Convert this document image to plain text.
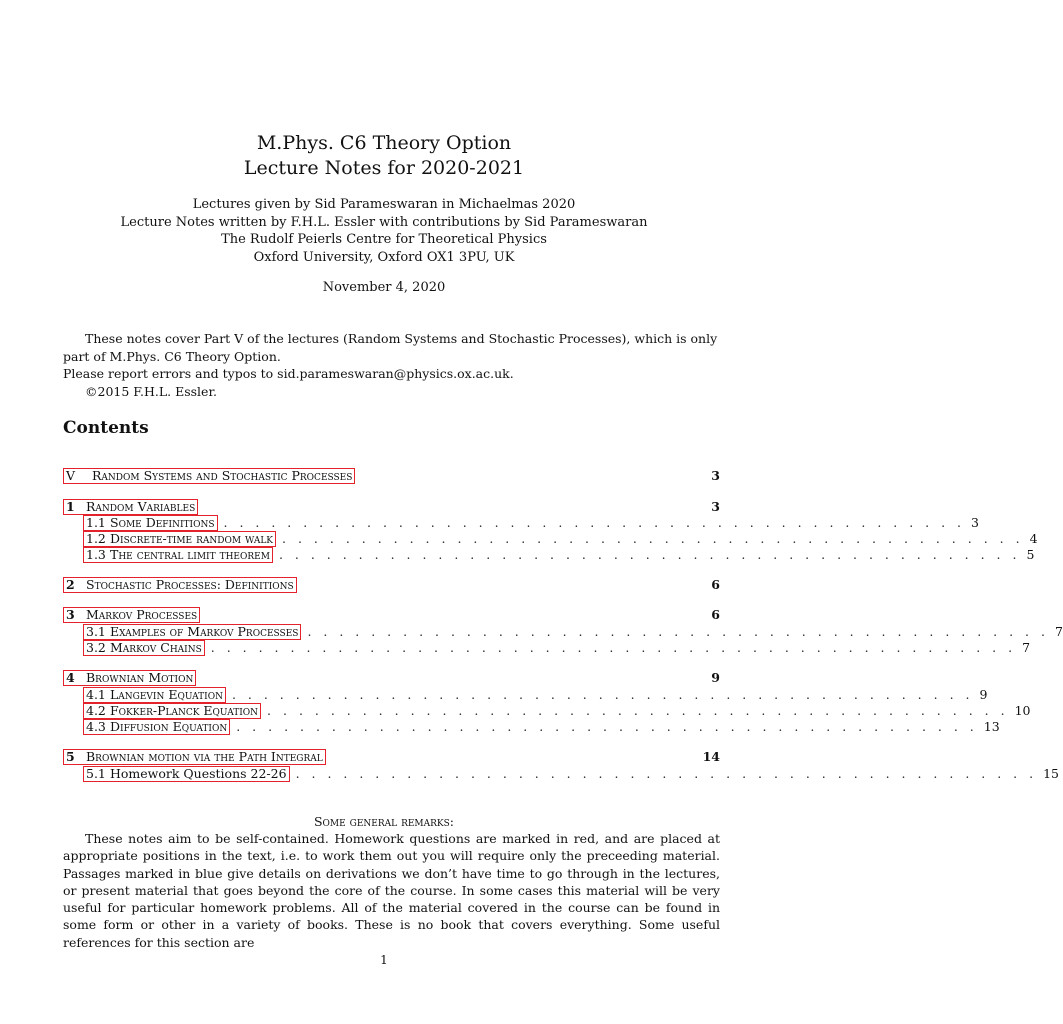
M.Phys. C6 Theory Option
Lecture Notes for 2020-2021
Lectures given by Sid Parameswaran in Michaelmas 2020
Lecture Notes written by F.H.L. Essler with contributions by Sid Parameswaran
The Rudolf Peierls Centre for Theoretical Physics
Oxford University, Oxford OX1 3PU, UK
November 4, 2020

These notes cover Part V of the lectures (Random Systems and Stochastic Processes), which is only part of M.Phys. C6 Theory Option.

Please report errors and typos to sid.parameswaran@physics.ox.ac.uk.

©2015 F.H.L. Essler.

Contents
V Random Systems and Stochastic Processes	3
1 Random Variables	3
1.1 Some Definitions . . . . . . . . . . . . . . . . . . . . . . . . . . . . . . . . . . . . . . . . . . . . . . . 3
1.2 Discrete-time random walk . . . . . . . . . . . . . . . . . . . . . . . . . . . . . . . . . . . . . . . . . . . . . . . 4
1.3 The central limit theorem . . . . . . . . . . . . . . . . . . . . . . . . . . . . . . . . . . . . . . . . . . . . . . . 5
2 Stochastic Processes: Definitions	6
3 Markov Processes	6
3.1 Examples of Markov Processes . . . . . . . . . . . . . . . . . . . . . . . . . . . . . . . . . . . . . . . . . . . . . . . 7
3.2 Markov Chains . . . . . . . . . . . . . . . . . . . . . . . . . . . . . . . . . . . . . . . . . . . . . . . . . . . 7
4 Brownian Motion	9
4.1 Langevin Equation . . . . . . . . . . . . . . . . . . . . . . . . . . . . . . . . . . . . . . . . . . . . . . . 9
4.2 Fokker-Planck Equation . . . . . . . . . . . . . . . . . . . . . . . . . . . . . . . . . . . . . . . . . . . . . . . 10
4.3 Diffusion Equation . . . . . . . . . . . . . . . . . . . . . . . . . . . . . . . . . . . . . . . . . . . . . . . 13
5 Brownian motion via the Path Integral	14
5.1 Homework Questions 22-26 . . . . . . . . . . . . . . . . . . . . . . . . . . . . . . . . . . . . . . . . . . . . . . . 15
Some general remarks:

These notes aim to be self-contained. Homework questions are marked in red, and are placed at appropriate positions in the text, i.e. to work them out you will require only the preceeding material. Passages marked in blue give details on derivations we don’t have time to go through in the lectures, or present material that goes beyond the core of the course. In some cases this material will be very useful for particular homework problems. All of the material covered in the course can be found in some form or other in a variety of books. These is no book that covers everything. Some useful references for this section are

1
